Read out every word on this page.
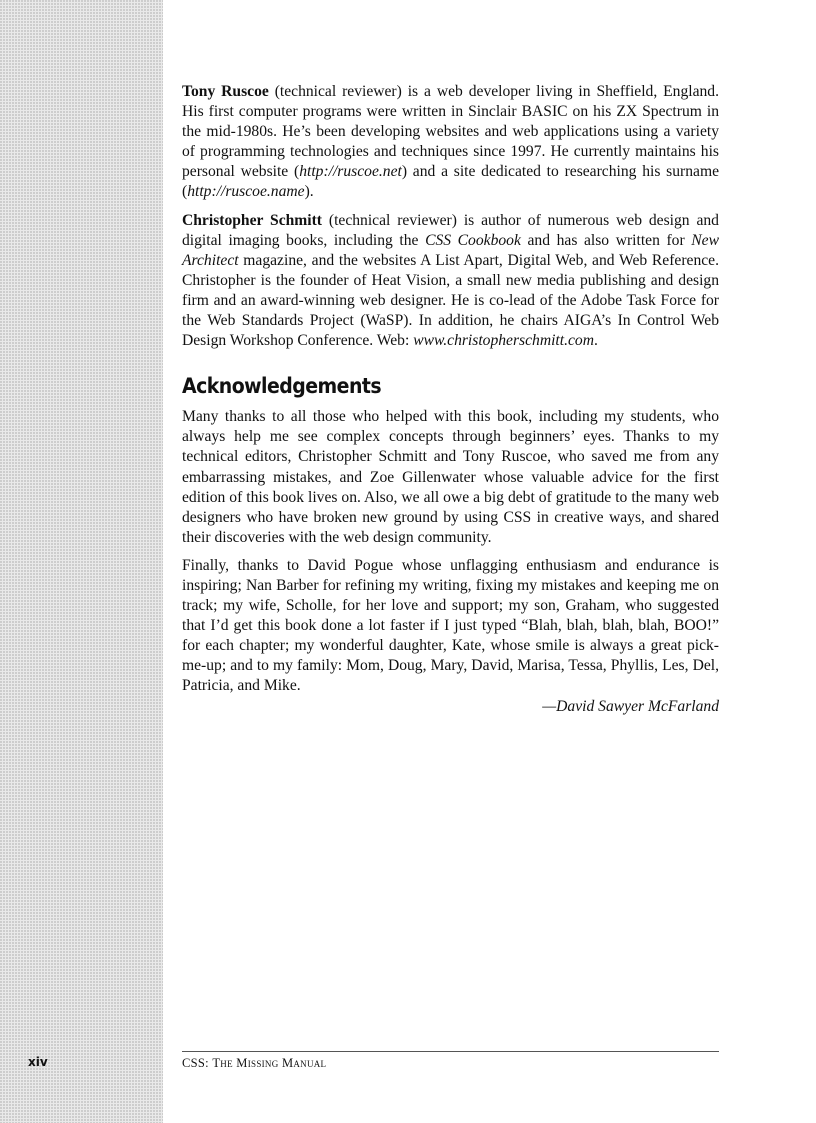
Tony Ruscoe (technical reviewer) is a web developer living in Sheffield, England. His first computer programs were written in Sinclair BASIC on his ZX Spectrum in the mid-1980s. He’s been developing websites and web applications using a variety of programming technologies and techniques since 1997. He currently maintains his personal website (http://ruscoe.net) and a site dedicated to researching his surname (http://ruscoe.name).

Christopher Schmitt (technical reviewer) is author of numerous web design and digital imaging books, including the CSS Cookbook and has also written for New Architect magazine, and the websites A List Apart, Digital Web, and Web Reference. Christopher is the founder of Heat Vision, a small new media publishing and design firm and an award-winning web designer. He is co-lead of the Adobe Task Force for the Web Standards Project (WaSP). In addition, he chairs AIGA’s In Control Web Design Workshop Conference. Web: www.christopherschmitt.com.

Acknowledgements

Many thanks to all those who helped with this book, including my students, who always help me see complex concepts through beginners’ eyes. Thanks to my technical editors, Christopher Schmitt and Tony Ruscoe, who saved me from any embarrassing mistakes, and Zoe Gillenwater whose valuable advice for the first edition of this book lives on. Also, we all owe a big debt of gratitude to the many web designers who have broken new ground by using CSS in creative ways, and shared their discoveries with the web design community.

Finally, thanks to David Pogue whose unflagging enthusiasm and endurance is inspiring; Nan Barber for refining my writing, fixing my mistakes and keeping me on track; my wife, Scholle, for her love and support; my son, Graham, who suggested that I’d get this book done a lot faster if I just typed “Blah, blah, blah, blah, BOO!” for each chapter; my wonderful daughter, Kate, whose smile is always a great pick-me-up; and to my family: Mom, Doug, Mary, David, Marisa, Tessa, Phyllis, Les, Del, Patricia, and Mike.

—David Sawyer McFarland

xiv	CSS: The Missing Manual
